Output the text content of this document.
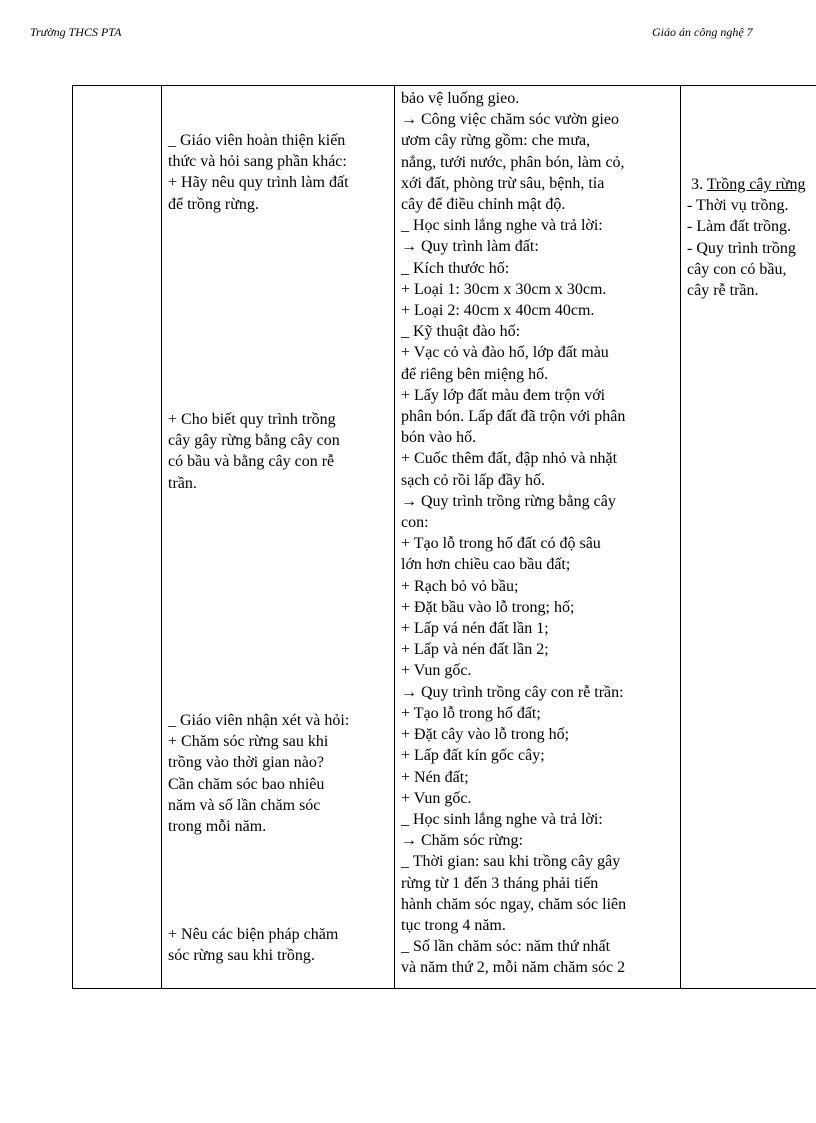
Trường THCS PTA	Giáo án công nghệ 7
_ Giáo viên hoàn thiện kiến
thức và hỏi sang phần khác:
+ Hãy nêu quy trình làm đất
để trồng rừng.
+ Cho biết quy trình trồng
cây gây rừng bằng cây con
có bầu và bằng cây con rễ
trần.
_ Giáo viên nhận xét và hỏi:
+ Chăm sóc rừng sau khi
trồng vào thời gian nào?
Cần chăm sóc bao nhiêu
năm và số lần chăm sóc
trong mỗi năm.
+ Nêu các biện pháp chăm
sóc rừng sau khi trồng.
bảo vệ luống gieo.
→ Công việc chăm sóc vườn gieo
ươm cây rừng gồm: che mưa,
nắng, tưới nước, phân bón, làm cỏ,
xới đất, phòng trừ sâu, bệnh, tỉa
cây để điều chỉnh mật độ.
_ Học sinh lắng nghe và trả lời:
→ Quy trình làm đất:
_ Kích thước hố:
+ Loại 1: 30cm x 30cm x 30cm.
+ Loại 2: 40cm x 40cm 40cm.
_ Kỹ thuật đào hố:
+ Vạc cỏ và đào hố, lớp đất màu
để riêng bên miệng hố.
+ Lấy lớp đất màu đem trộn với
phân bón. Lấp đất đã trộn với phân
bón vào hố.
+ Cuốc thêm đất, đập nhỏ và nhặt
sạch cỏ rồi lấp đầy hố.
→ Quy trình trồng rừng bằng cây
con:
+ Tạo lỗ trong hố đất có độ sâu
lớn hơn chiều cao bầu đất;
+ Rạch bỏ vỏ bầu;
+ Đặt bầu vào lỗ trong; hố;
+ Lấp vá nén đất lần 1;
+ Lấp và nén đất lần 2;
+ Vun gốc.
→ Quy trình trồng cây con rễ trần:
+ Tạo lỗ trong hố đất;
+ Đặt cây vào lỗ trong hố;
+ Lấp đất kín gốc cây;
+ Nén đất;
+ Vun gốc.
_ Học sinh lắng nghe và trả lời:
→ Chăm sóc rừng:
_ Thời gian: sau khi trồng cây gây
rừng từ 1 đến 3 tháng phải tiến
hành chăm sóc ngay, chăm sóc liên
tục trong 4 năm.
_ Số lần chăm sóc: năm thứ nhất
và năm thứ 2, mỗi năm chăm sóc 2
3. Trồng cây rừng
- Thời vụ trồng.
- Làm đất trồng.
- Quy trình trồng
cây con có bầu,
cây rễ trần.
